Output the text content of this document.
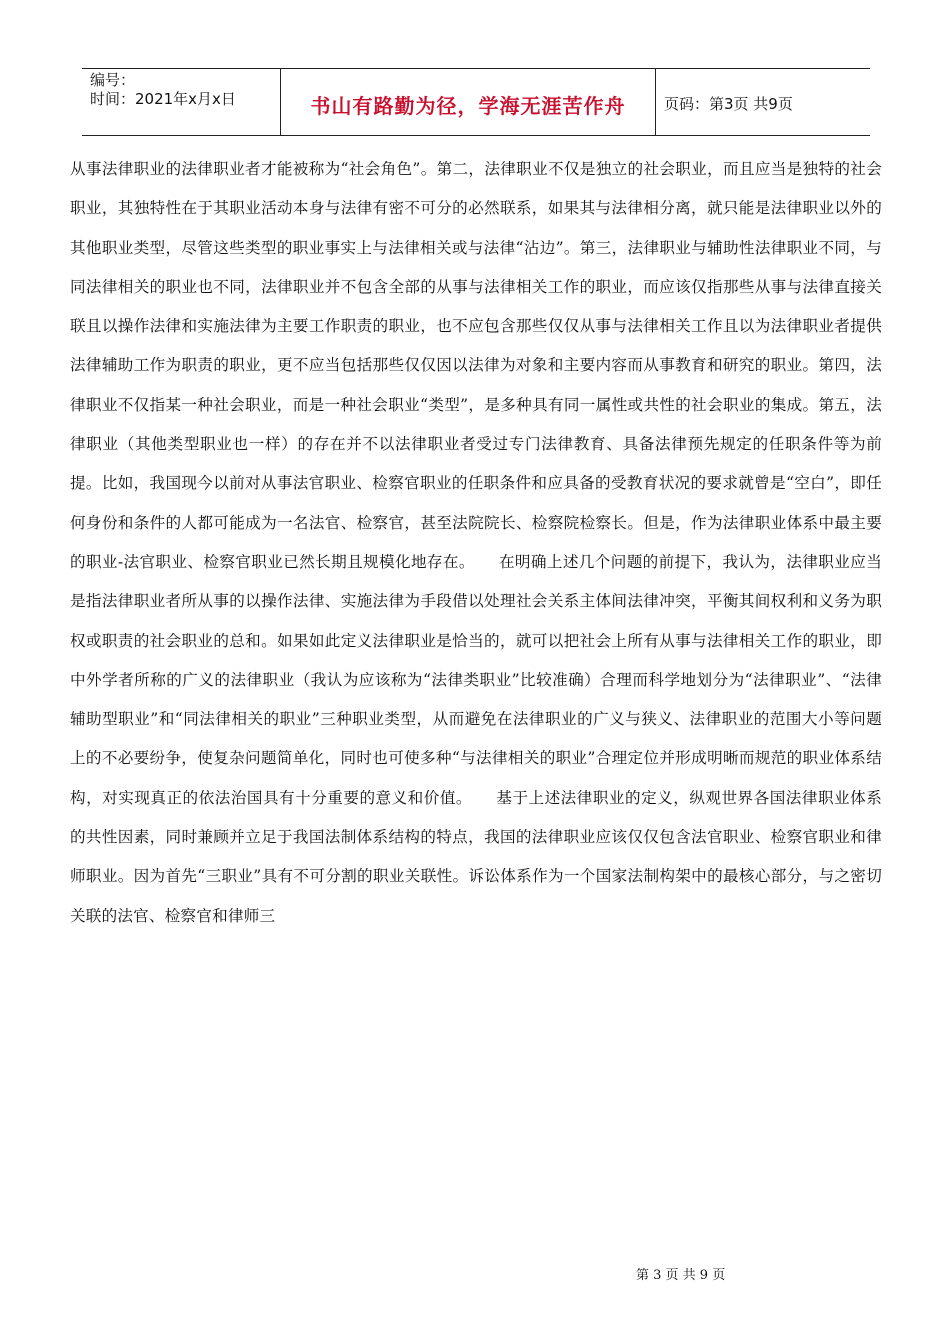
编号：
时间：2021年x月x日	书山有路勤为径，学海无涯苦作舟	页码：第3页 共9页

从事法律职业的法律职业者才能被称为“社会角色”。第二，法律职业不仅是独立的社会职业，而且应当是独特的社会职业，其独特性在于其职业活动本身与法律有密不可分的必然联系，如果其与法律相分离，就只能是法律职业以外的其他职业类型，尽管这些类型的职业事实上与法律相关或与法律“沾边”。第三，法律职业与辅助性法律职业不同，与同法律相关的职业也不同，法律职业并不包含全部的从事与法律相关工作的职业，而应该仅指那些从事与法律直接关联且以操作法律和实施法律为主要工作职责的职业，也不应包含那些仅仅从事与法律相关工作且以为法律职业者提供法律辅助工作为职责的职业，更不应当包括那些仅仅因以法律为对象和主要内容而从事教育和研究的职业。第四，法律职业不仅指某一种社会职业，而是一种社会职业“类型”，是多种具有同一属性或共性的社会职业的集成。第五，法律职业（其他类型职业也一样）的存在并不以法律职业者受过专门法律教育、具备法律预先规定的任职条件等为前提。比如，我国现今以前对从事法官职业、检察官职业的任职条件和应具备的受教育状况的要求就曾是“空白”，即任何身份和条件的人都可能成为一名法官、检察官，甚至法院院长、检察院检察长。但是，作为法律职业体系中最主要的职业-法官职业、检察官职业已然长期且规模化地存在。　　在明确上述几个问题的前提下，我认为，法律职业应当是指法律职业者所从事的以操作法律、实施法律为手段借以处理社会关系主体间法律冲突，平衡其间权利和义务为职权或职责的社会职业的总和。如果如此定义法律职业是恰当的，就可以把社会上所有从事与法律相关工作的职业，即中外学者所称的广义的法律职业（我认为应该称为“法律类职业”比较准确）合理而科学地划分为“法律职业”、“法律辅助型职业”和“同法律相关的职业”三种职业类型，从而避免在法律职业的广义与狭义、法律职业的范围大小等问题上的不必要纷争，使复杂问题简单化，同时也可使多种“与法律相关的职业”合理定位并形成明晰而规范的职业体系结构，对实现真正的依法治国具有十分重要的意义和价值。　　基于上述法律职业的定义，纵观世界各国法律职业体系的共性因素，同时兼顾并立足于我国法制体系结构的特点，我国的法律职业应该仅仅包含法官职业、检察官职业和律师职业。因为首先“三职业”具有不可分割的职业关联性。诉讼体系作为一个国家法制构架中的最核心部分，与之密切关联的法官、检察官和律师三

第 3 页 共 9 页
